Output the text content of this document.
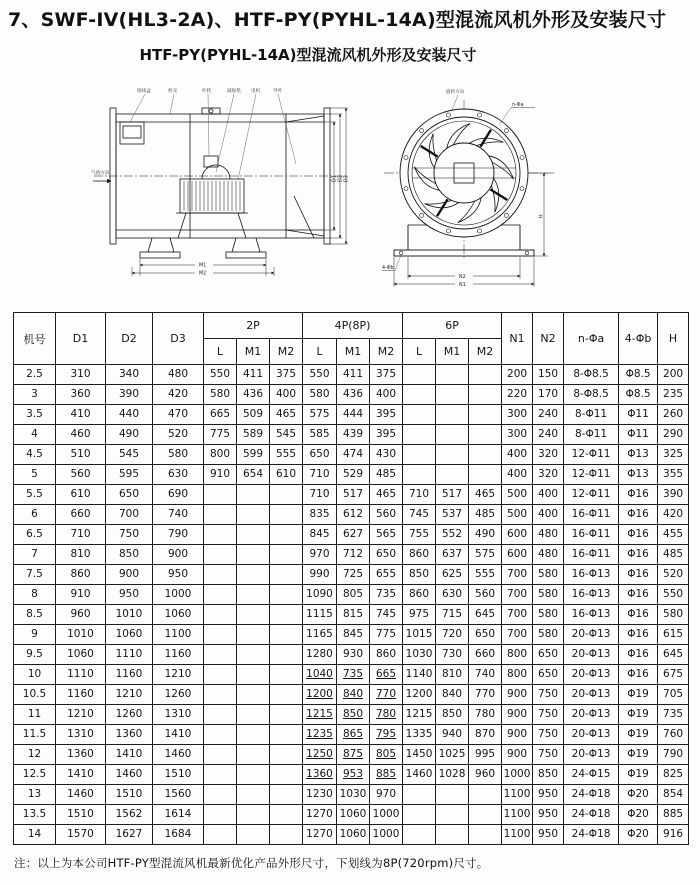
7、SWF-IV(HL3-2A)、HTF-PY(PYHL-14A)型混流风机外形及安装尺寸
HTF-PY(PYHL-14A)型混流风机外形及安装尺寸
气流方向
接线盒	机壳	叶轮	减振垫 电机	导叶
M1
M2
D1 D2 D3
旋转方向
n-Φa
4-Φb
H
N2
N1
机号	D1	D2	D3	2P			4P(8P)			6P			N1	N2	n-Φa	4-Φb	H
				L	M1	M2	L	M1	M2	L	M1	M2					
2.5	310	340	480	550	411	375	550	411	375				200	150	8-Φ8.5	Φ8.5	200
3	360	390	420	580	436	400	580	436	400				220	170	8-Φ8.5	Φ8.5	235
3.5	410	440	470	665	509	465	575	444	395				300	240	8-Φ11	Φ11	260
4	460	490	520	775	589	545	585	439	395				300	240	8-Φ11	Φ11	290
4.5	510	545	580	800	599	555	650	474	430				400	320	12-Φ11	Φ13	325
5	560	595	630	910	654	610	710	529	485				400	320	12-Φ11	Φ13	355
5.5	610	650	690				710	517	465	710	517	465	500	400	12-Φ11	Φ16	390
6	660	700	740				835	612	560	745	537	485	500	400	16-Φ11	Φ16	420
6.5	710	750	790				845	627	565	755	552	490	600	480	16-Φ11	Φ16	455
7	810	850	900				970	712	650	860	637	575	600	480	16-Φ11	Φ16	485
7.5	860	900	950				990	725	655	850	625	555	700	580	16-Φ13	Φ16	520
8	910	950	1000				1090	805	735	860	630	560	700	580	16-Φ13	Φ16	550
8.5	960	1010	1060				1115	815	745	975	715	645	700	580	16-Φ13	Φ16	580
9	1010	1060	1100				1165	845	775	1015	720	650	700	580	20-Φ13	Φ16	615
9.5	1060	1110	1160				1280	930	860	1030	730	660	800	650	20-Φ13	Φ16	645
10	1110	1160	1210				1040	735	665	1140	810	740	800	650	20-Φ13	Φ16	675
10.5	1160	1210	1260				1200	840	770	1200	840	770	900	750	20-Φ13	Φ19	705
11	1210	1260	1310				1215	850	780	1215	850	780	900	750	20-Φ13	Φ19	735
11.5	1310	1360	1410				1235	865	795	1335	940	870	900	750	20-Φ13	Φ19	760
12	1360	1410	1460				1250	875	805	1450	1025	995	900	750	20-Φ13	Φ19	790
12.5	1410	1460	1510				1360	953	885	1460	1028	960	1000	850	24-Φ15	Φ19	825
13	1460	1510	1560				1230	1030	970				1100	950	24-Φ18	Φ20	854
13.5	1510	1562	1614				1270	1060	1000				1100	950	24-Φ18	Φ20	885
14	1570	1627	1684				1270	1060	1000				1100	950	24-Φ18	Φ20	916
注：以上为本公司HTF-PY型混流风机最新优化产品外形尺寸，下划线为8P(720rpm)尺寸。
